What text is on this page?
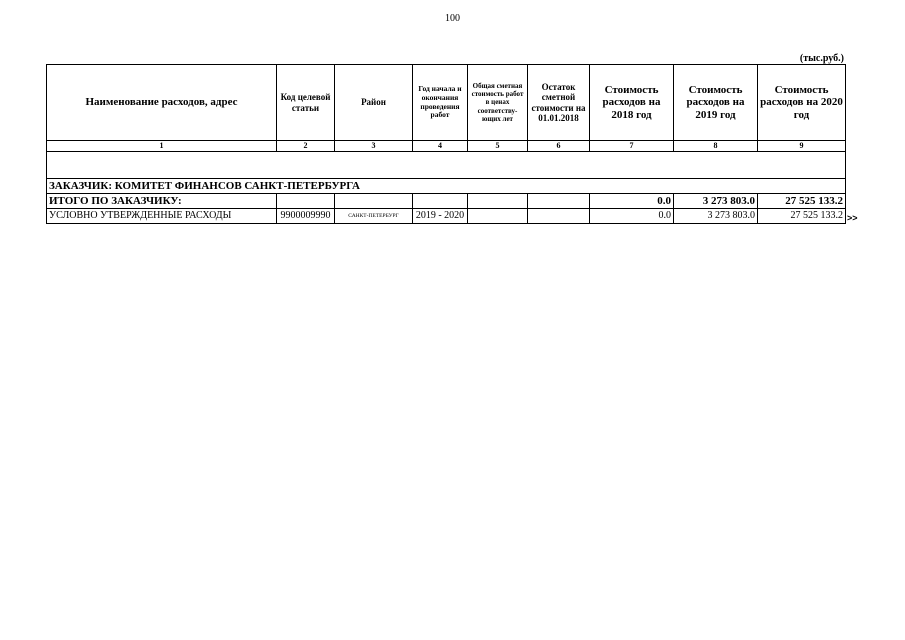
100
(тыс.руб.)
Наименование расходов, адрес	Код целевой статьи	Район	Год начала и окончания проведения работ	Общая сметная стоимость работ в ценах соответству-ющих лет	Остаток сметной стоимости на 01.01.2018	Стоимость расходов на 2018 год	Стоимость расходов на 2019 год	Стоимость расходов на 2020 год
1	2	3	4	5	6	7	8	9

ЗАКАЗЧИК: КОМИТЕТ ФИНАНСОВ САНКТ-ПЕТЕРБУРГА								
ИТОГО ПО ЗАКАЗЧИКУ:						0.0	3 273 803.0	27 525 133.2
УСЛОВНО УТВЕРЖДЕННЫЕ РАСХОДЫ	9900009990	САНКТ-ПЕТЕРБУРГ	2019 - 2020			0.0	3 273 803.0	27 525 133.2 >>
